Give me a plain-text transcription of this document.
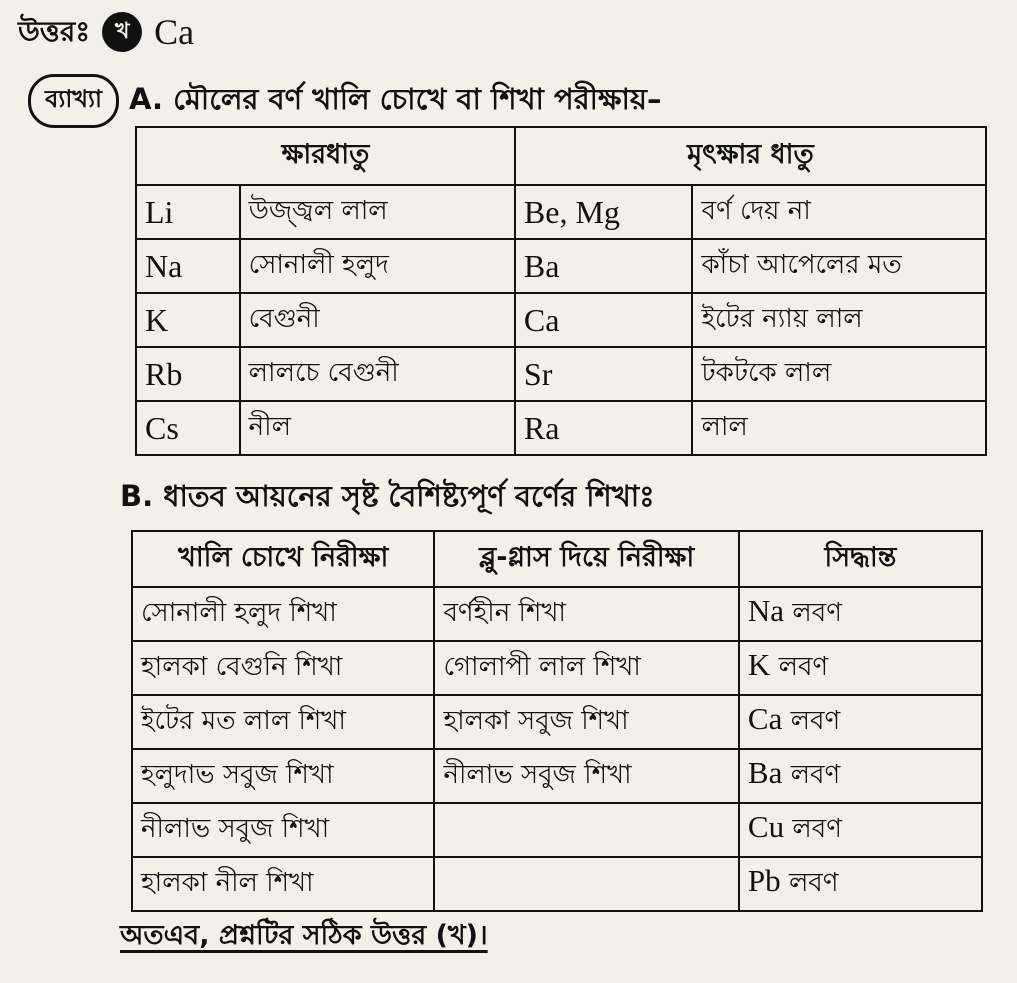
উত্তরঃ	খ Ca
ব্যাখ্যা A. মৌলের বর্ণ খালি চোখে বা শিখা পরীক্ষায়–
ক্ষারধাতু		মৃৎক্ষার ধাতু	
Li	উজ্জ্বল লাল	Be, Mg	বর্ণ দেয় না
Na	সোনালী হলুদ	Ba	কাঁচা আপেলের মত
K	বেগুনী	Ca	ইটের ন্যায় লাল
Rb	লালচে বেগুনী	Sr	টকটকে লাল
Cs	নীল	Ra	লাল
B. ধাতব আয়নের সৃষ্ট বৈশিষ্ট্যপূর্ণ বর্ণের শিখাঃ
খালি চোখে নিরীক্ষা	ব্লু-গ্লাস দিয়ে নিরীক্ষা	সিদ্ধান্ত
সোনালী হলুদ শিখা	বর্ণহীন শিখা	Na লবণ
হালকা বেগুনি শিখা	গোলাপী লাল শিখা	K লবণ
ইটের মত লাল শিখা	হালকা সবুজ শিখা	Ca লবণ
হলুদাভ সবুজ শিখা	নীলাভ সবুজ শিখা	Ba লবণ
নীলাভ সবুজ শিখা		Cu লবণ
হালকা নীল শিখা		Pb লবণ
অতএব, প্রশ্নটির সঠিক উত্তর (খ)।
